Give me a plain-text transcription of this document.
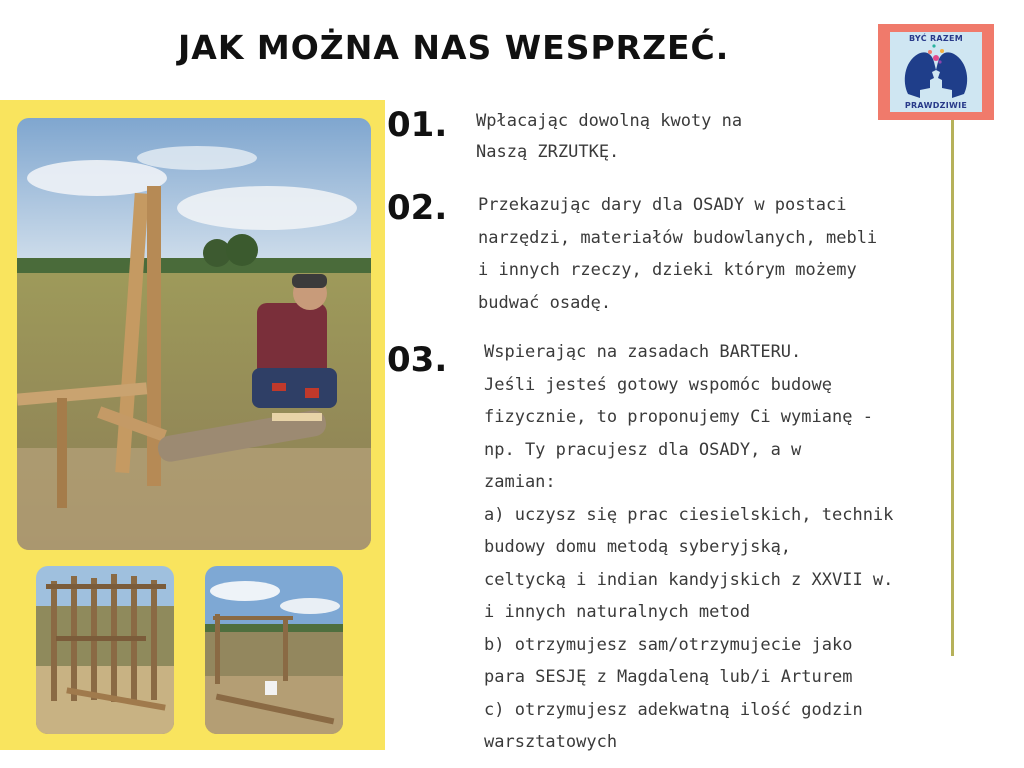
JAK MOŻNA NAS WESPRZEĆ.	BYĆ RAZEM
PRAWDZIWIE

01. Wpłacając dowolną kwoty na
Naszą ZRZUTKĘ.

02. Przekazując dary dla OSADY w postaci
narzędzi, materiałów budowlanych, mebli
i innych rzeczy, dzieki którym możemy
budwać osadę.

03. Wspierając na zasadach BARTERU.
Jeśli jesteś gotowy wspomóc budowę
fizycznie, to proponujemy Ci wymianę -
np. Ty pracujesz dla OSADY, a w
zamian:
a) uczysz się prac ciesielskich, technik
budowy domu metodą syberyjską,
celtycką i indian kandyjskich z XXVII w.
i innych naturalnych metod
b) otrzymujesz sam/otrzymujecie jako
para SESJĘ z Magdaleną lub/i Arturem
c) otrzymujesz adekwatną ilość godzin
warsztatowych
